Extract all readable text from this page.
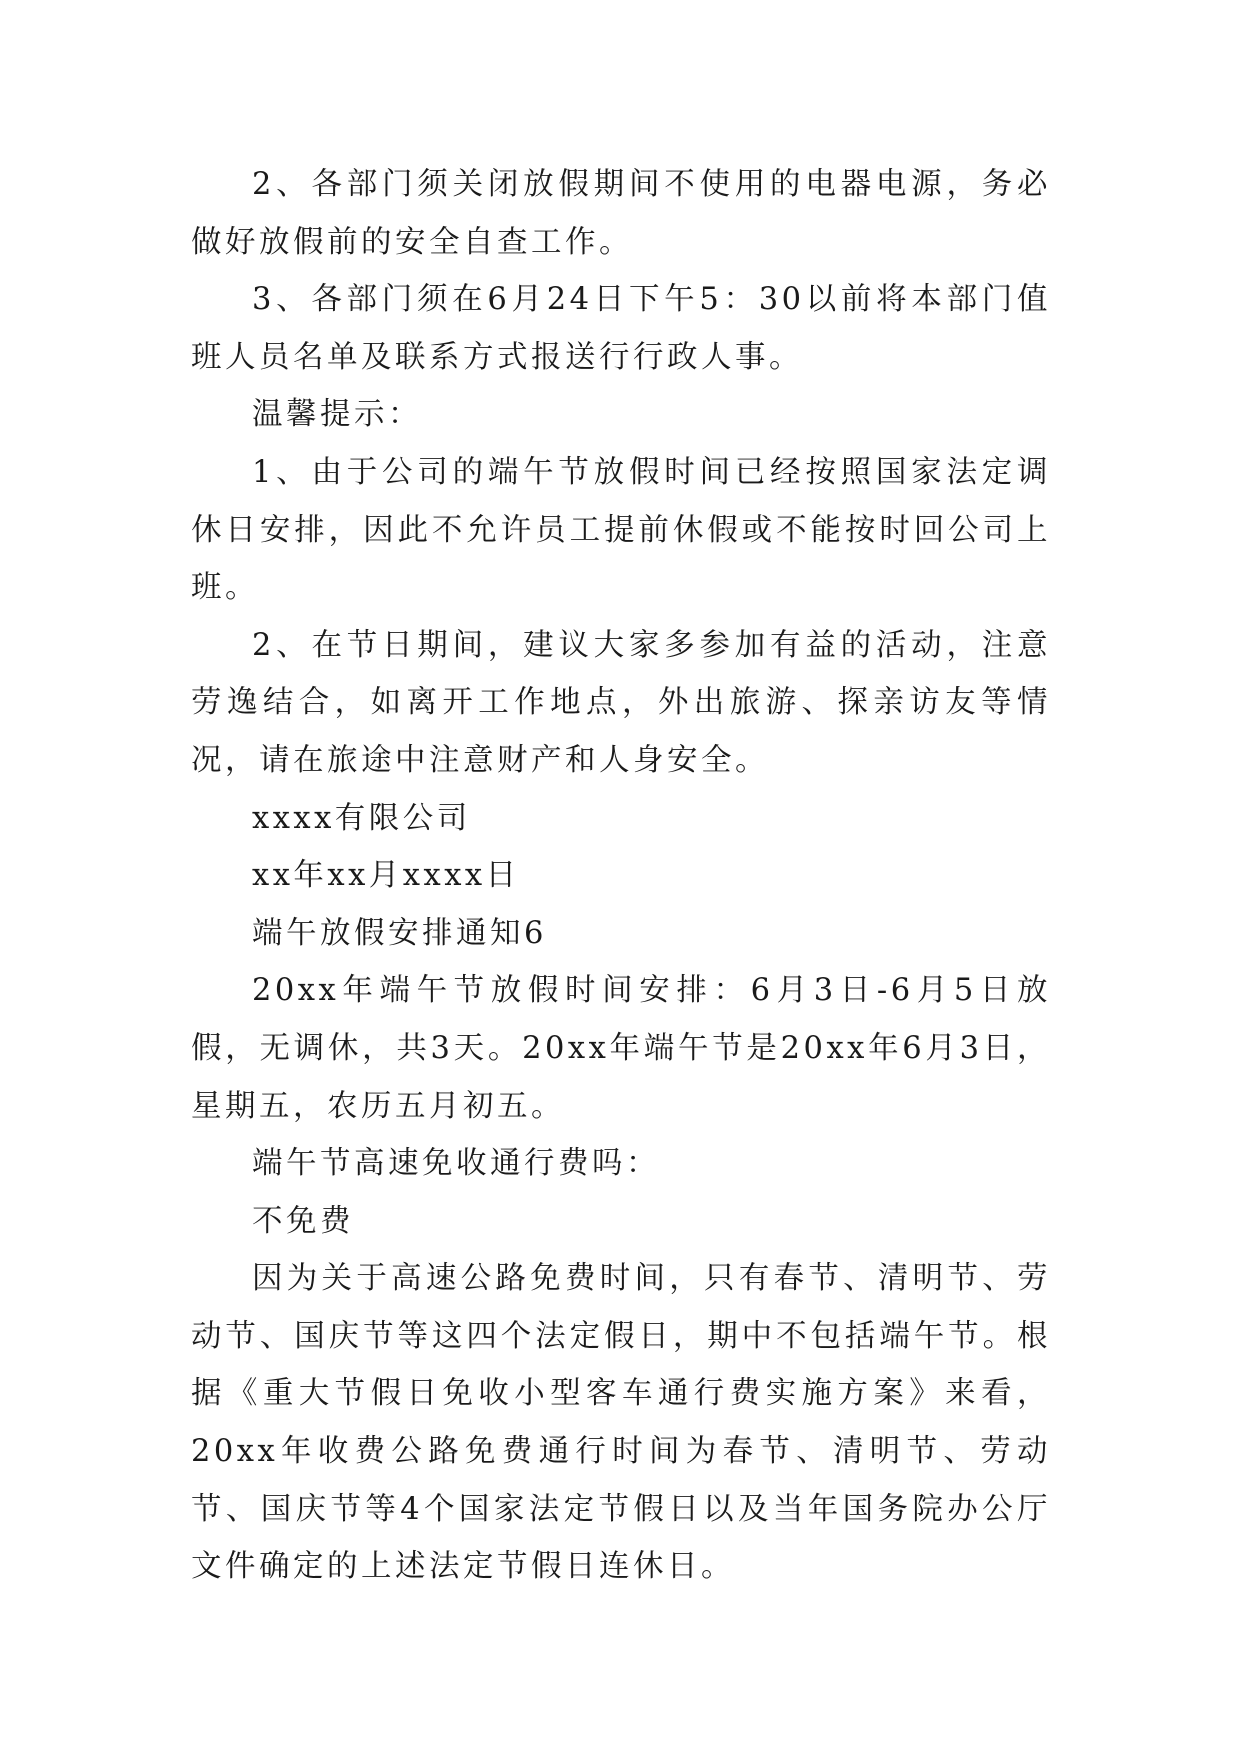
2、各部门须关闭放假期间不使用的电器电源，务必做好放假前的安全自查工作。

3、各部门须在6月24日下午5：30以前将本部门值班人员名单及联系方式报送行行政人事。

温馨提示：

1、由于公司的端午节放假时间已经按照国家法定调休日安排，因此不允许员工提前休假或不能按时回公司上班。

2、在节日期间，建议大家多参加有益的活动，注意劳逸结合，如离开工作地点，外出旅游、探亲访友等情况，请在旅途中注意财产和人身安全。

xxxx有限公司

xx年xx月xxxx日

端午放假安排通知6

20xx年端午节放假时间安排：6月3日-6月5日放假，无调休，共3天。20xx年端午节是20xx年6月3日，星期五，农历五月初五。

端午节高速免收通行费吗：

不免费

因为关于高速公路免费时间，只有春节、清明节、劳动节、国庆节等这四个法定假日，期中不包括端午节。根据《重大节假日免收小型客车通行费实施方案》来看，20xx年收费公路免费通行时间为春节、清明节、劳动节、国庆节等4个国家法定节假日以及当年国务院办公厅文件确定的上述法定节假日连休日。
